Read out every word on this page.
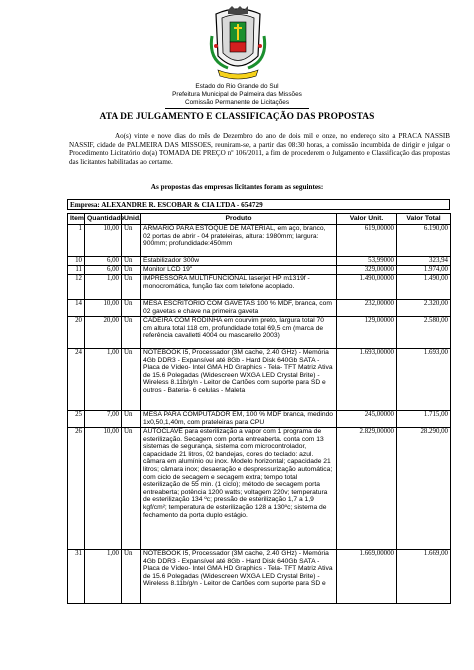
Estado do Rio Grande do Sul
Prefeitura Municipal de Palmeira das Missões
Comissão Permanente de Licitações
ATA DE JULGAMENTO E CLASSIFICAÇÃO DAS PROPOSTAS
Ao(s) vinte e nove dias do mês de Dezembro do ano de dois mil e onze, no endereço sito a PRACA NASSIB NASSIF, cidade de PALMEIRA DAS MISSOES, reuniram-se, a partir das 08:30 horas, a comissão incumbida de dirigir e julgar o Procedimento Licitatório do(a) TOMADA DE PREÇO nº 106/2011, a fim de procederem o Julgamento e Classificação das propostas das licitantes habilitadas ao certame.
As propostas das empresas licitantes foram as seguintes:
Empresa: ALEXANDRE R. ESCOBAR & CIA LTDA - 654729
Item	Quantidade	Unid.	Produto	Valor Unit.	Valor Total
1	10,00	Un	ARMARIO PARA ESTOQUE DE MATERIAL, em aço, branco, 02 portas de abrir - 04 prateleiras, altura: 1980mm; largura: 900mm; profundidade:450mm	619,00000	6.190,00
10	6,00	Un	Estabilizador 300w	53,99000	323,94
11	6,00	Un	Monitor LCD 19"	329,00000	1.974,00
12	1,00	Un	IMPRESSORA MULTIFUNCIONAL laserjet HP m1319f - monocromática, função fax com telefone acoplado.	1.490,00000	1.490,00
14	10,00	Un	MESA ESCRITÓRIO COM GAVETAS 100 % MDF, branca, com 02 gavetas e chave na primeira gaveta	232,00000	2.320,00
20	20,00	Un	CADEIRA COM RODINHA em courvim preto, largura total 70 cm altura total 118 cm, profundidade total 69,5 cm (marca de referência cavalletti 4004 ou mascarello 2003)	129,00000	2.580,00
24	1,00	Un	NOTEBOOK I5, Processador (3M cache, 2.40 GHz) - Memória 4Gb DDR3 - Expansível até 8Gb - Hard Disk 640Gb SATA - Placa de Vídeo- Intel GMA HD Graphics - Tela- TFT Matriz Ativa de 15.6 Polegadas (Widescreen WXGA LED Crystal Brite) - Wireless 8.11b/g/n - Leitor de Cartões com suporte para SD e outros - Bateria- 6 celulas - Maleta	1.693,00000	1.693,00
25	7,00	Un	MESA PARA COMPUTADOR EM, 100 % MDF branca, medindo 1x0,50,1,40m, com prateleiras para CPU	245,00000	1.715,00
26	10,00	Un	AUTOCLAVE para esterilização a vapor com 1 programa de esterilização. Secagem com porta entreaberta. conta com 13 sistemas de segurança, sistema com microcontrolador, capacidade 21 litros, 02 bandejas, cores do teclado: azul. câmara em alumínio ou inox. Modelo horizontal; capacidade 21 litros; câmara inox; desaeração e despressurização automática; com ciclo de secagem e secagem extra; tempo total esterilização de 55 min. (1 ciclo); método de secagem porta entreaberta; potência 1200 watts; voltagem 220v; temperatura de esterilização 134 ºc; pressão de esterilização 1,7 a 1,9 kgf/cm²; temperatura de esterilização 128 a 130ºc; sistema de fechamento da porta duplo estágio.	2.829,00000	28.290,00
31	1,00	Un	NOTEBOOK I5, Processador (3M cache, 2.40 GHz) - Memória 4Gb DDR3 - Expansível até 8Gb - Hard Disk 640Gb SATA - Placa de Vídeo- Intel GMA HD Graphics - Tela- TFT Matriz Ativa de 15.6 Polegadas (Widescreen WXGA LED Crystal Brite) - Wireless 8.11b/g/n - Leitor de Cartões com suporte para SD e	1.669,00000	1.669,00
